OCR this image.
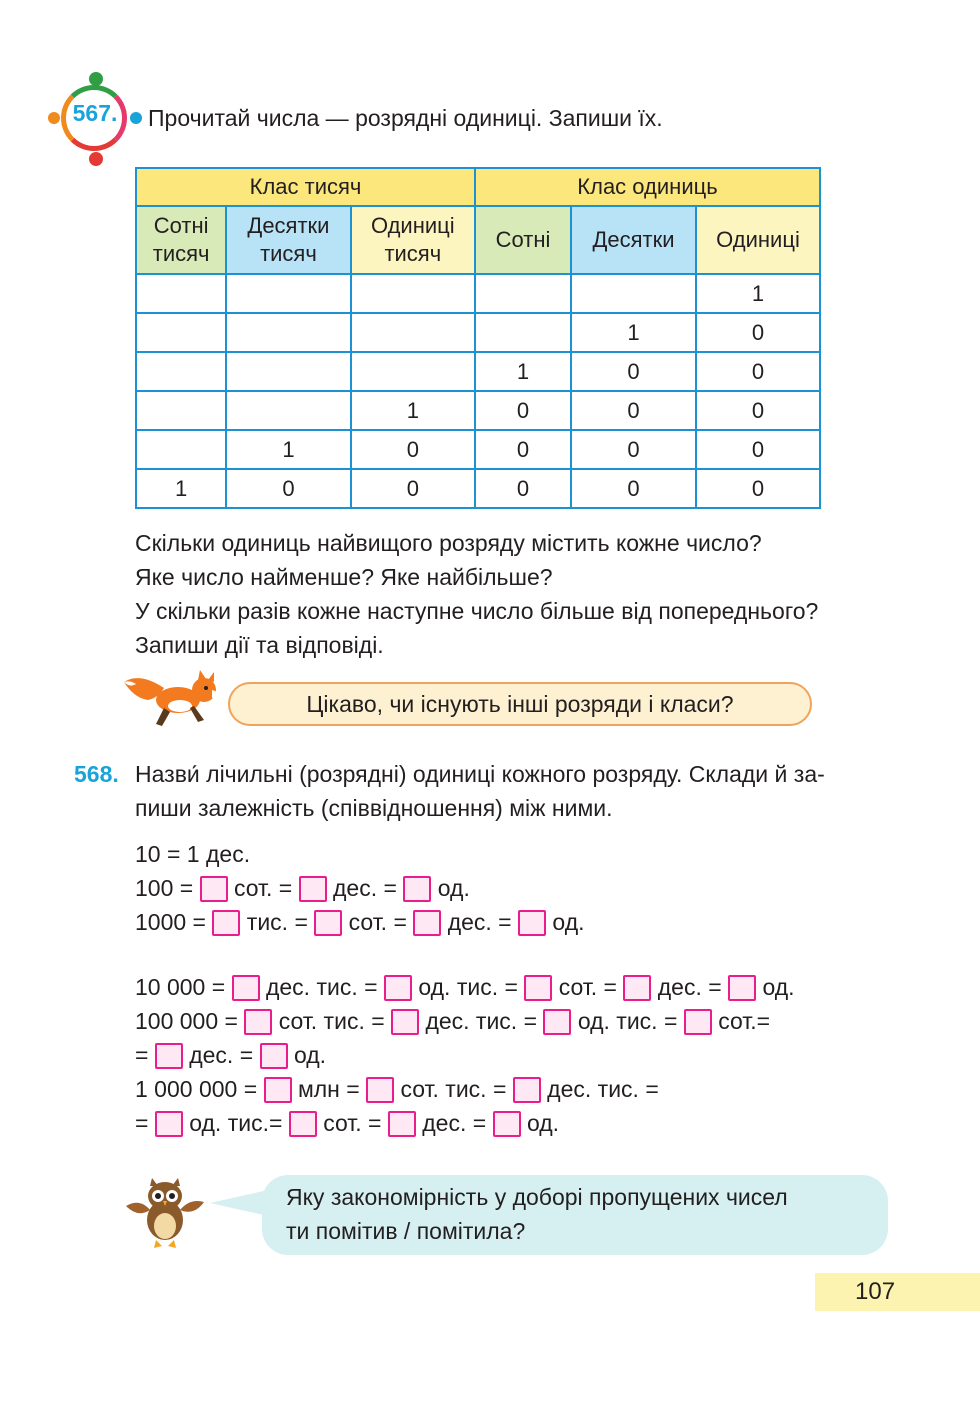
567.	Прочитай числа — розрядні одиниці. Запиши їх.
Клас тисяч			Клас одиниць		
Сотні тисяч	Десятки тисяч	Одиниці тисяч	Сотні	Десятки	Одиниці
					1
				1	0
			1	0	0
		1	0	0	0
	1	0	0	0	0
1	0	0	0	0	0
Скільки одиниць найвищого розряду містить кожне число?
Яке число найменше? Яке найбільше?
У скільки разів кожне наступне число більше від попереднього?
Запиши дії та відповіді.
Цікаво, чи існують інші розряди і класи?
568. Назви́ лічильні (розрядні) одиниці кожного розряду. Склади й за-
пиши залежність (співвідношення) між ними.
10 = 1 дес.
100 = сот. = дес. = од.
1000 = тис. = сот. = дес. = од.
10 000 = дес. тис. = од. тис. = сот. = дес. = од.
100 000 = сот. тис. = дес. тис. = од. тис. = сот.=
= дес. = од.
1 000 000 = млн = сот. тис. = дес. тис. =
= од. тис.= сот. = дес. = од.
Яку закономірність у доборі пропущених чисел
ти помітив / помітила?
107
